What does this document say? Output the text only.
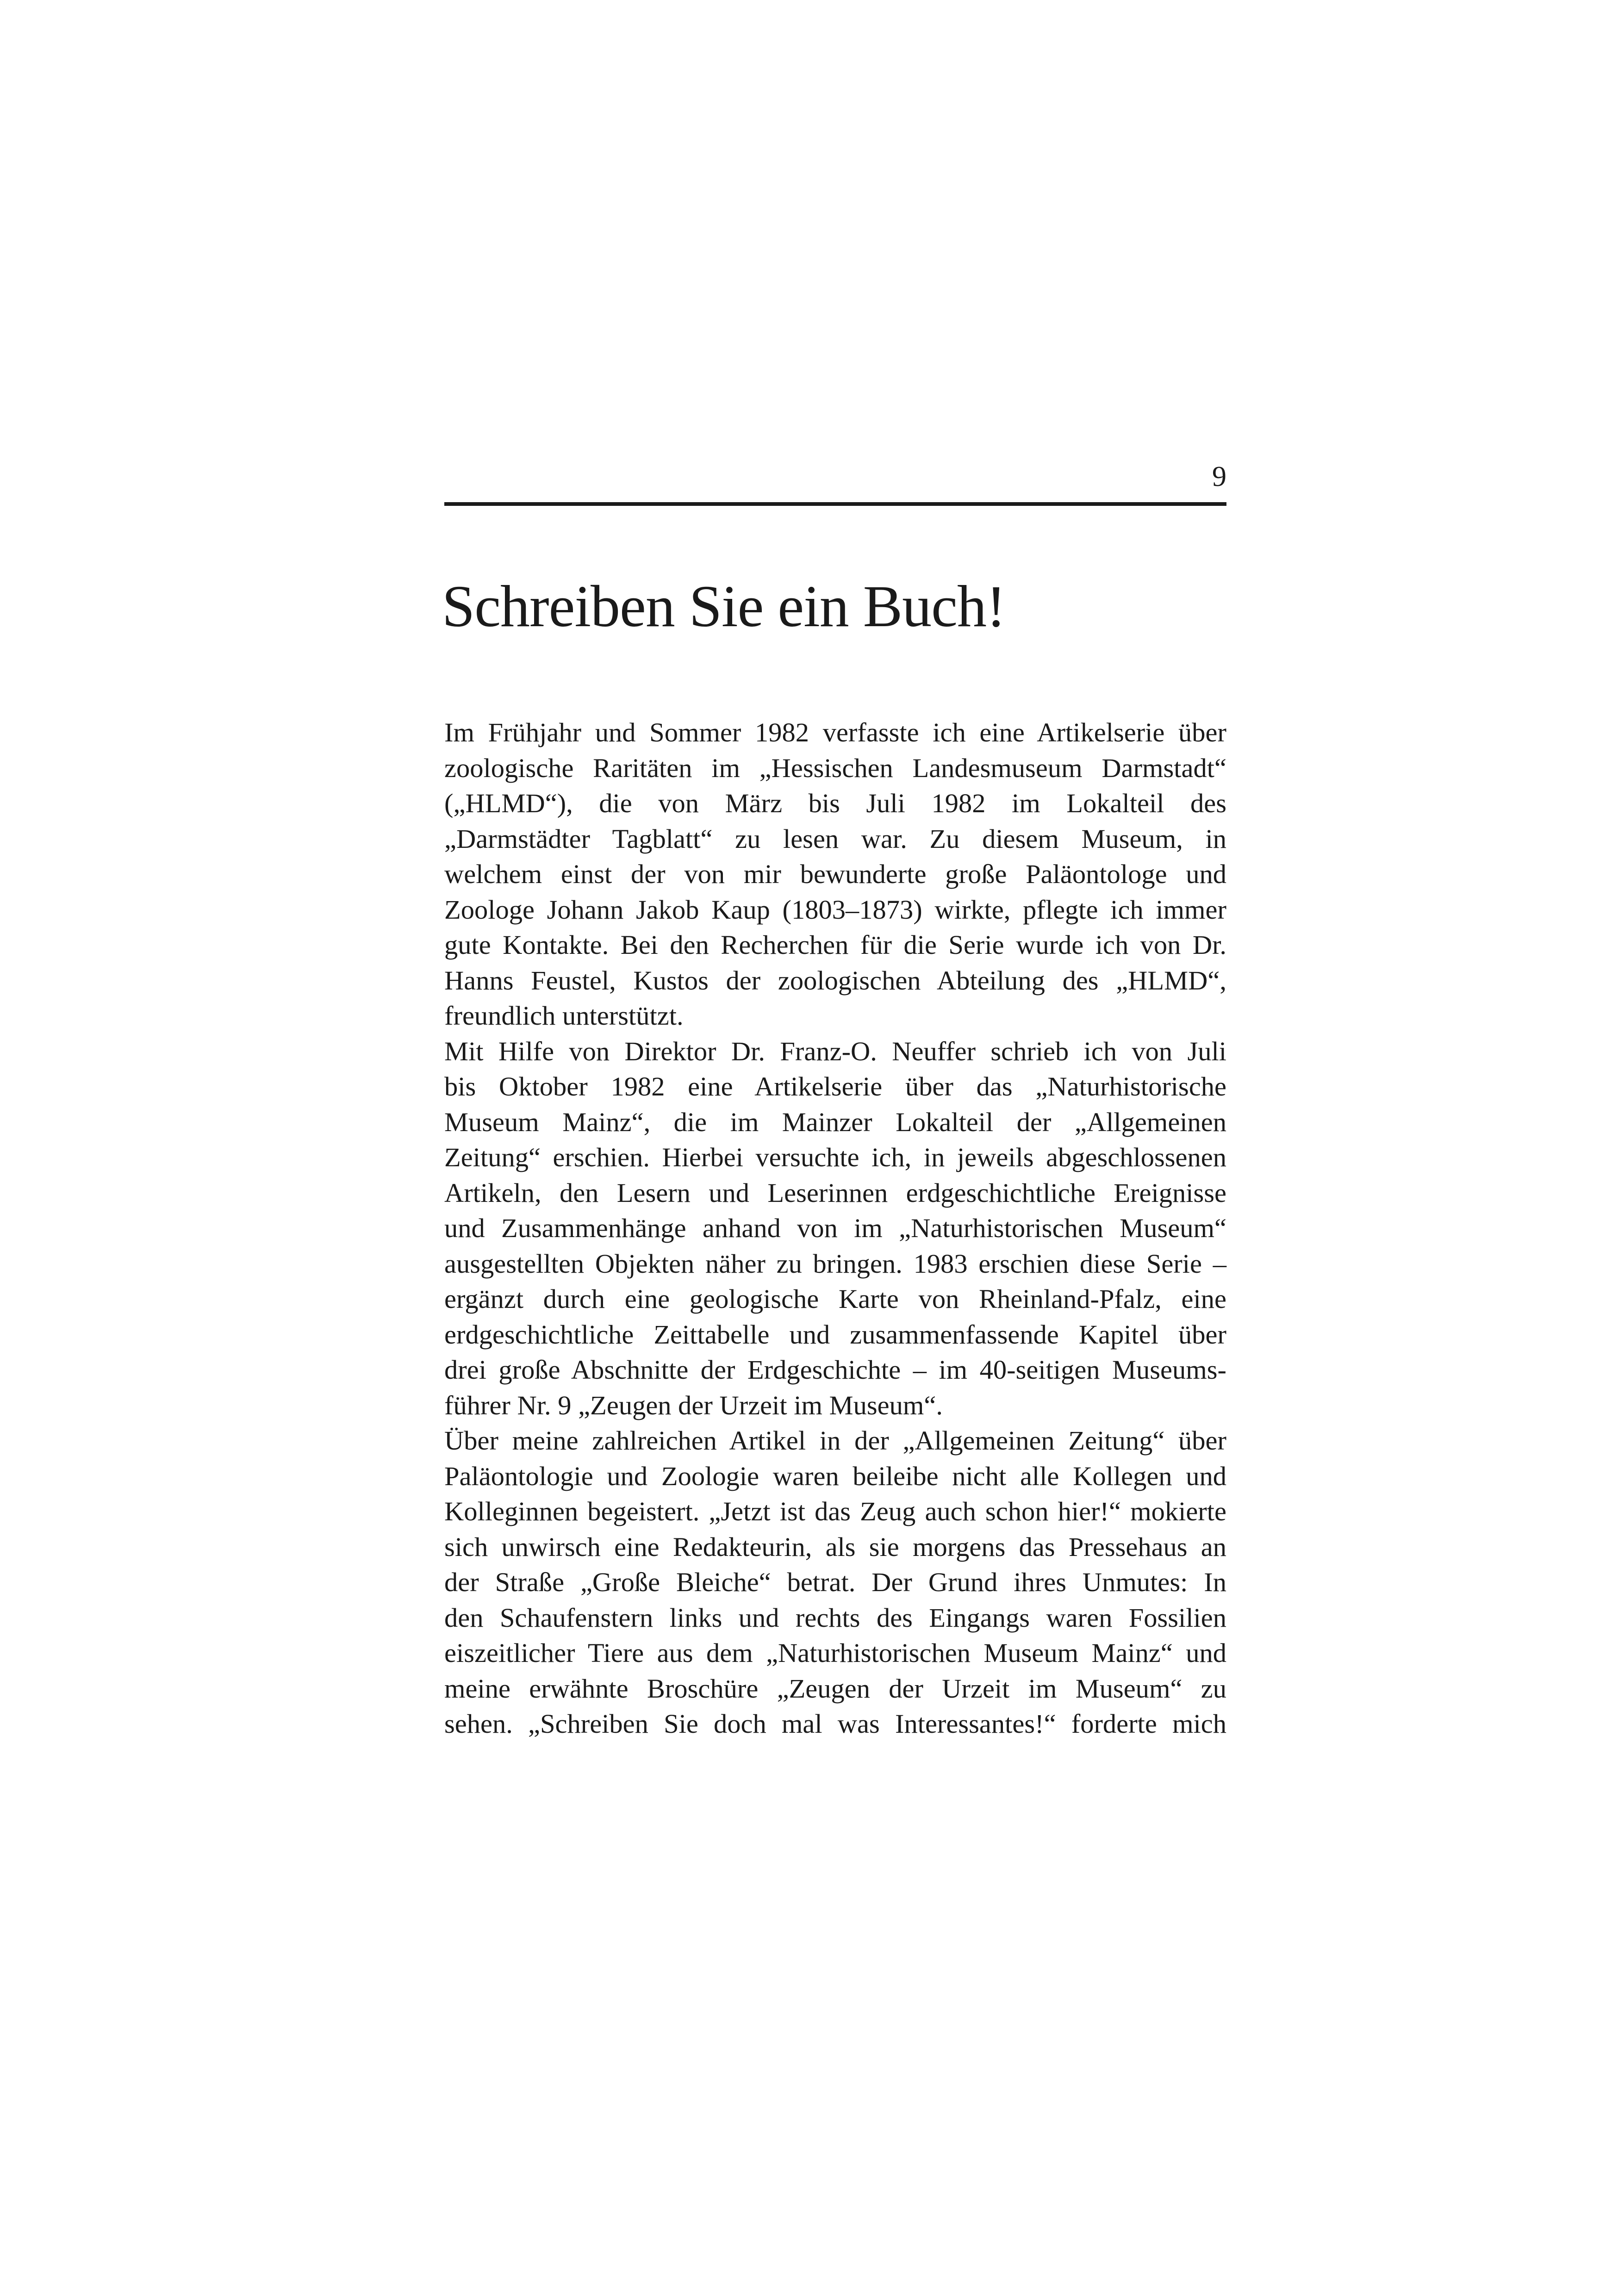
9
Schreiben Sie ein Buch!
Im Frühjahr und Sommer 1982 verfasste ich eine Artikelserie über
zoologische Raritäten im „Hessischen Landesmuseum Darmstadt“
(„HLMD“), die von März bis Juli 1982 im Lokalteil des
„Darmstädter Tagblatt“ zu lesen war. Zu diesem Museum, in
welchem einst der von mir bewunderte große Paläontologe und
Zoologe Johann Jakob Kaup (1803–1873) wirkte, pflegte ich immer
gute Kontakte. Bei den Recherchen für die Serie wurde ich von Dr.
Hanns Feustel, Kustos der zoologischen Abteilung des „HLMD“,
freundlich unterstützt.
Mit Hilfe von Direktor Dr. Franz-O. Neuffer schrieb ich von Juli
bis Oktober 1982 eine Artikelserie über das „Naturhistorische
Museum Mainz“, die im Mainzer Lokalteil der „Allgemeinen
Zeitung“ erschien. Hierbei versuchte ich, in jeweils abgeschlossenen
Artikeln, den Lesern und Leserinnen erdgeschichtliche Ereignisse
und Zusammenhänge anhand von im „Naturhistorischen Museum“
ausgestellten Objekten näher zu bringen. 1983 erschien diese Serie –
ergänzt durch eine geologische Karte von Rheinland-Pfalz, eine
erdgeschichtliche Zeittabelle und zusammenfassende Kapitel über
drei große Abschnitte der Erdgeschichte – im 40-seitigen Museums-
führer Nr. 9 „Zeugen der Urzeit im Museum“.
Über meine zahlreichen Artikel in der „Allgemeinen Zeitung“ über
Paläontologie und Zoologie waren beileibe nicht alle Kollegen und
Kolleginnen begeistert. „Jetzt ist das Zeug auch schon hier!“ mokierte
sich unwirsch eine Redakteurin, als sie morgens das Pressehaus an
der Straße „Große Bleiche“ betrat. Der Grund ihres Unmutes: In
den Schaufenstern links und rechts des Eingangs waren Fossilien
eiszeitlicher Tiere aus dem „Naturhistorischen Museum Mainz“ und
meine erwähnte Broschüre „Zeugen der Urzeit im Museum“ zu
sehen. „Schreiben Sie doch mal was Interessantes!“ forderte mich
